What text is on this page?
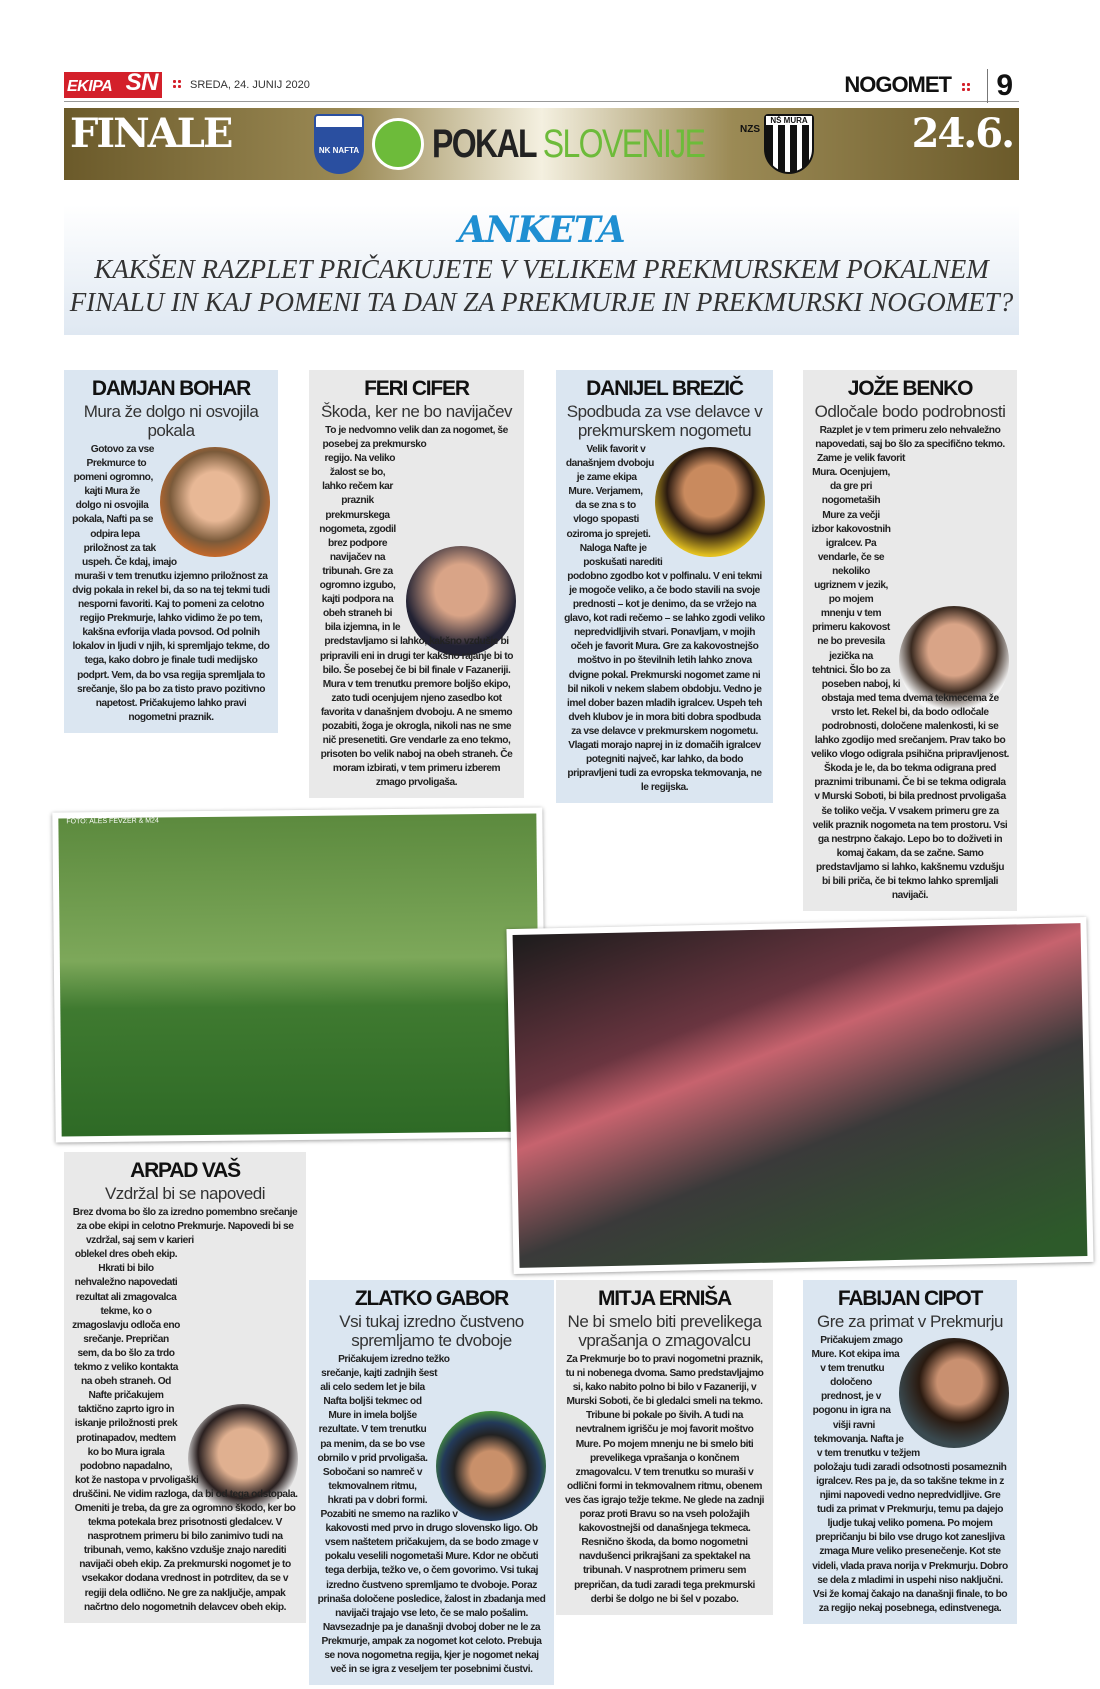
EKIPA SN	SREDA, 24. JUNIJ 2020	NOGOMET	9
FINALE	NK NAFTA POKAL SLOVENIJE	NZS
NŠ MURA	24.6.
ANKETA
KAKŠEN RAZPLET PRIČAKUJETE V VELIKEM PREKMURSKEM POKALNEM FINALU IN KAJ POMENI TA DAN ZA PREKMURJE IN PREKMURSKI NOGOMET?
DAMJAN BOHAR
Mura že dolgo ni osvojila pokala

Gotovo za vse Prekmurce to pomeni ogromno, kajti Mura že dolgo ni osvojila pokala, Nafti pa se odpira lepa priložnost za tak uspeh. Če kdaj, imajo muraši v tem trenutku izjemno priložnost za dvig pokala in rekel bi, da so na tej tekmi tudi nesporni favoriti. Kaj to pomeni za celotno regijo Prekmurje, lahko vidimo že po tem, kakšna evforija vlada povsod. Od polnih lokalov in ljudi v njih, ki spremljajo tekme, do tega, kako dobro je finale tudi medijsko podprt. Vem, da bo vsa regija spremljala to srečanje, šlo pa bo za tisto pravo pozitivno napetost. Pričakujemo lahko pravi nogometni praznik.

FERI CIFER
Škoda, ker ne bo navijačev

To je nedvomno velik dan za nogomet, še posebej za prekmursko regijo. Na veliko žalost se bo, lahko rečem kar praznik prekmurskega nogometa, zgodil brez podpore navijačev na tribunah. Gre za ogromno izgubo, kajti podpora na obeh straneh bi bila izjemna, in le predstavljamo si lahko, kakšno vzdušje bi pripravili eni in drugi ter kakšno rajanje bi to bilo. Še posebej če bi bil finale v Fazaneriji. Mura v tem trenutku premore boljšo ekipo, zato tudi ocenjujem njeno zasedbo kot favorita v današnjem dvoboju. A ne smemo pozabiti, žoga je okrogla, nikoli nas ne sme nič presenetiti. Gre vendarle za eno tekmo, prisoten bo velik naboj na obeh straneh. Če moram izbirati, v tem primeru izberem zmago prvoligaša.

DANIJEL BREZIČ
Spodbuda za vse delavce v prekmurskem nogometu

Velik favorit v današnjem dvoboju je zame ekipa Mure. Verjamem, da se zna s to vlogo spopasti oziroma jo sprejeti. Naloga Nafte je poskušati narediti podobno zgodbo kot v polfinalu. V eni tekmi je mogoče veliko, a če bodo stavili na svoje prednosti – kot je denimo, da se vržejo na glavo, kot radi rečemo – se lahko zgodi veliko nepredvidljivih stvari. Ponavljam, v mojih očeh je favorit Mura. Gre za kakovostnejšo moštvo in po številnih letih lahko znova dvigne pokal. Prekmurski nogomet zame ni bil nikoli v nekem slabem obdobju. Vedno je imel dober bazen mladih igralcev. Uspeh teh dveh klubov je in mora biti dobra spodbuda za vse delavce v prekmurskem nogometu. Vlagati morajo naprej in iz domačih igralcev potegniti največ, kar lahko, da bodo pripravljeni tudi za evropska tekmovanja, ne le regijska.

JOŽE BENKO
Odločale bodo podrobnosti

Razplet je v tem primeru zelo nehvaležno napovedati, saj bo šlo za specifično tekmo. Zame je velik favorit Mura. Ocenjujem, da gre pri nogometaših Mure za večji izbor kakovostnih igralcev. Pa vendarle, če se nekoliko ugriznem v jezik, po mojem mnenju v tem primeru kakovost ne bo prevesila jezička na tehtnici. Šlo bo za poseben naboj, ki obstaja med tema dvema tekmecema že vrsto let. Rekel bi, da bodo odločale podrobnosti, določene malenkosti, ki se lahko zgodijo med srečanjem. Prav tako bo veliko vlogo odigrala psihična pripravljenost. Škoda je le, da bo tekma odigrana pred praznimi tribunami. Če bi se tekma odigrala v Murski Soboti, bi bila prednost prvoligaša še toliko večja. V vsakem primeru gre za velik praznik nogometa na tem prostoru. Vsi ga nestrpno čakajo. Lepo bo to doživeti in komaj čakam, da se začne. Samo predstavljamo si lahko, kakšnemu vzdušju bi bili priča, če bi tekmo lahko spremljali navijači.

FOTO: ALEŠ FEVŽER & M24
ARPAD VAŠ
Vzdržal bi se napovedi

Brez dvoma bo šlo za izredno pomembno srečanje za obe ekipi in celotno Prekmurje. Napovedi bi se vzdržal, saj sem v karieri oblekel dres obeh ekip. Hkrati bi bilo nehvaležno napovedati rezultat ali zmagovalca tekme, ko o zmagoslavju odloča eno srečanje. Prepričan sem, da bo šlo za trdo tekmo z veliko kontakta na obeh straneh. Od Nafte pričakujem taktično zaprto igro in iskanje priložnosti prek protinapadov, medtem ko bo Mura igrala podobno napadalno, kot že nastopa v prvoligaški druščini. Ne vidim razloga, da bi od tega odstopala. Omeniti je treba, da gre za ogromno škodo, ker bo tekma potekala brez prisotnosti gledalcev. V nasprotnem primeru bi bilo zanimivo tudi na tribunah, vemo, kakšno vzdušje znajo narediti navijači obeh ekip. Za prekmurski nogomet je to vsekakor dodana vrednost in potrditev, da se v regiji dela odlično. Ne gre za naključje, ampak načrtno delo nogometnih delavcev obeh ekip.

ZLATKO GABOR
Vsi tukaj izredno čustveno spremljamo te dvoboje

Pričakujem izredno težko srečanje, kajti zadnjih šest ali celo sedem let je bila Nafta boljši tekmec od Mure in imela boljše rezultate. V tem trenutku pa menim, da se bo vse obrnilo v prid prvoligaša. Sobočani so namreč v tekmovalnem ritmu, hkrati pa v dobri formi. Pozabiti ne smemo na razliko v kakovosti med prvo in drugo slovensko ligo. Ob vsem naštetem pričakujem, da se bodo zmage v pokalu veselili nogometaši Mure. Kdor ne občuti tega derbija, težko ve, o čem govorimo. Vsi tukaj izredno čustveno spremljamo te dvoboje. Poraz prinaša določene posledice, žalost in zbadanja med navijači trajajo vse leto, če se malo pošalim. Navsezadnje pa je današnji dvoboj dober ne le za Prekmurje, ampak za nogomet kot celoto. Prebuja se nova nogometna regija, kjer je nogomet nekaj več in se igra z veseljem ter posebnimi čustvi.

MITJA ERNIŠA
Ne bi smelo biti prevelikega vprašanja o zmagovalcu

Za Prekmurje bo to pravi nogometni praznik, tu ni nobenega dvoma. Samo predstavljajmo si, kako nabito polno bi bilo v Fazaneriji, v Murski Soboti, če bi gledalci smeli na tekmo. Tribune bi pokale po šivih. A tudi na nevtralnem igrišču je moj favorit moštvo Mure. Po mojem mnenju ne bi smelo biti prevelikega vprašanja o končnem zmagovalcu. V tem trenutku so muraši v odlični formi in tekmovalnem ritmu, obenem ves čas igrajo težje tekme. Ne glede na zadnji poraz proti Bravu so na vseh položajih kakovostnejši od današnjega tekmeca. Resnično škoda, da bomo nogometni navdušenci prikrajšani za spektakel na tribunah. V nasprotnem primeru sem prepričan, da tudi zaradi tega prekmurski derbi še dolgo ne bi šel v pozabo.

FABIJAN CIPOT
Gre za primat v Prekmurju

Pričakujem zmago Mure. Kot ekipa ima v tem trenutku določeno prednost, je v pogonu in igra na višji ravni tekmovanja. Nafta je v tem trenutku v težjem položaju tudi zaradi odsotnosti posameznih igralcev. Res pa je, da so takšne tekme in z njimi napovedi vedno nepredvidljive. Gre tudi za primat v Prekmurju, temu pa dajejo ljudje tukaj veliko pomena. Po mojem prepričanju bi bilo vse drugo kot zanesljiva zmaga Mure veliko presenečenje. Kot ste videli, vlada prava norija v Prekmurju. Dobro se dela z mladimi in uspehi niso naključni. Vsi že komaj čakajo na današnji finale, to bo za regijo nekaj posebnega, edinstvenega.
